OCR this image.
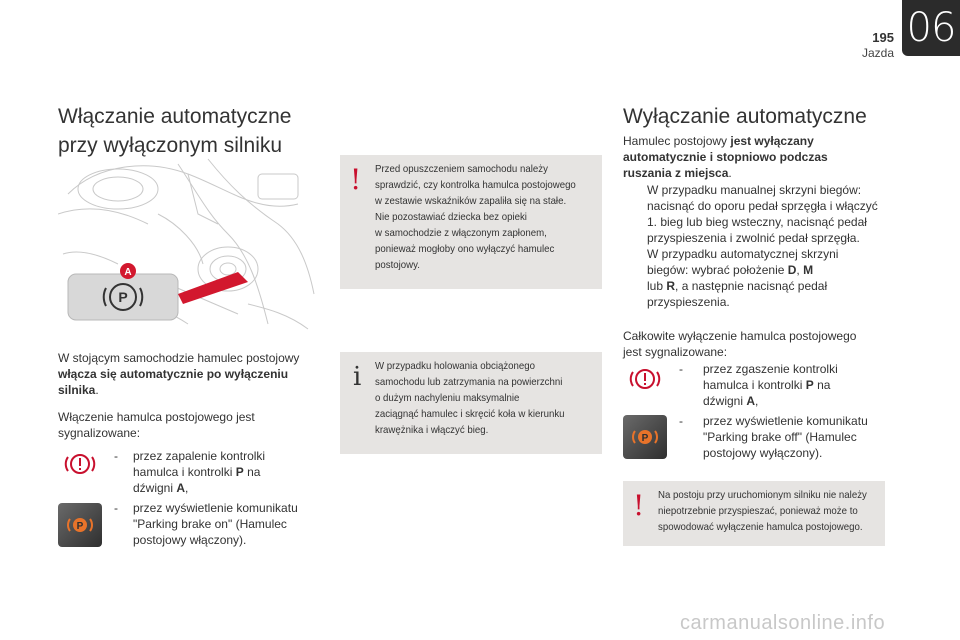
195
Jazda
06
Włączanie automatyczne
przy wyłączonym silniku
P
A
W stojącym samochodzie hamulec postojowy
włącza się automatycznie po wyłączeniu silnika.
Włączenie hamulca postojowego jest sygnalizowane:
- przez zapalenie kontrolki
hamulca i kontrolki P na
dźwigni A,
P
- przez wyświetlenie komunikatu
"Parking brake on" (Hamulec
postojowy włączony).
! Przed opuszczeniem samochodu należy
sprawdzić, czy kontrolka hamulca postojowego
w zestawie wskaźników zapaliła się na stałe.
Nie pozostawiać dziecka bez opieki
w samochodzie z włączonym zapłonem,
ponieważ mogłoby ono wyłączyć hamulec
postojowy.
i W przypadku holowania obciążonego
samochodu lub zatrzymania na powierzchni
o dużym nachyleniu maksymalnie
zaciągnąć hamulec i skręcić koła w kierunku
krawężnika i włączyć bieg.
Wyłączanie automatyczne
Hamulec postojowy jest wyłączany
automatycznie i stopniowo podczas
ruszania z miejsca.
W przypadku manualnej skrzyni biegów:
nacisnąć do oporu pedał sprzęgła i włączyć
1. bieg lub bieg wsteczny, nacisnąć pedał
przyspieszenia i zwolnić pedał sprzęgła.
W przypadku automatycznej skrzyni
biegów: wybrać położenie D, M
lub R, a następnie nacisnąć pedał
przyspieszenia.
Całkowite wyłączenie hamulca postojowego
jest sygnalizowane:
- przez zgaszenie kontrolki
hamulca i kontrolki P na
dźwigni A,
P
- przez wyświetlenie komunikatu
"Parking brake off" (Hamulec
postojowy wyłączony).
! Na postoju przy uruchomionym silniku nie należy
niepotrzebnie przyspieszać, ponieważ może to
spowodować wyłączenie hamulca postojowego.
carmanualsonline.info
